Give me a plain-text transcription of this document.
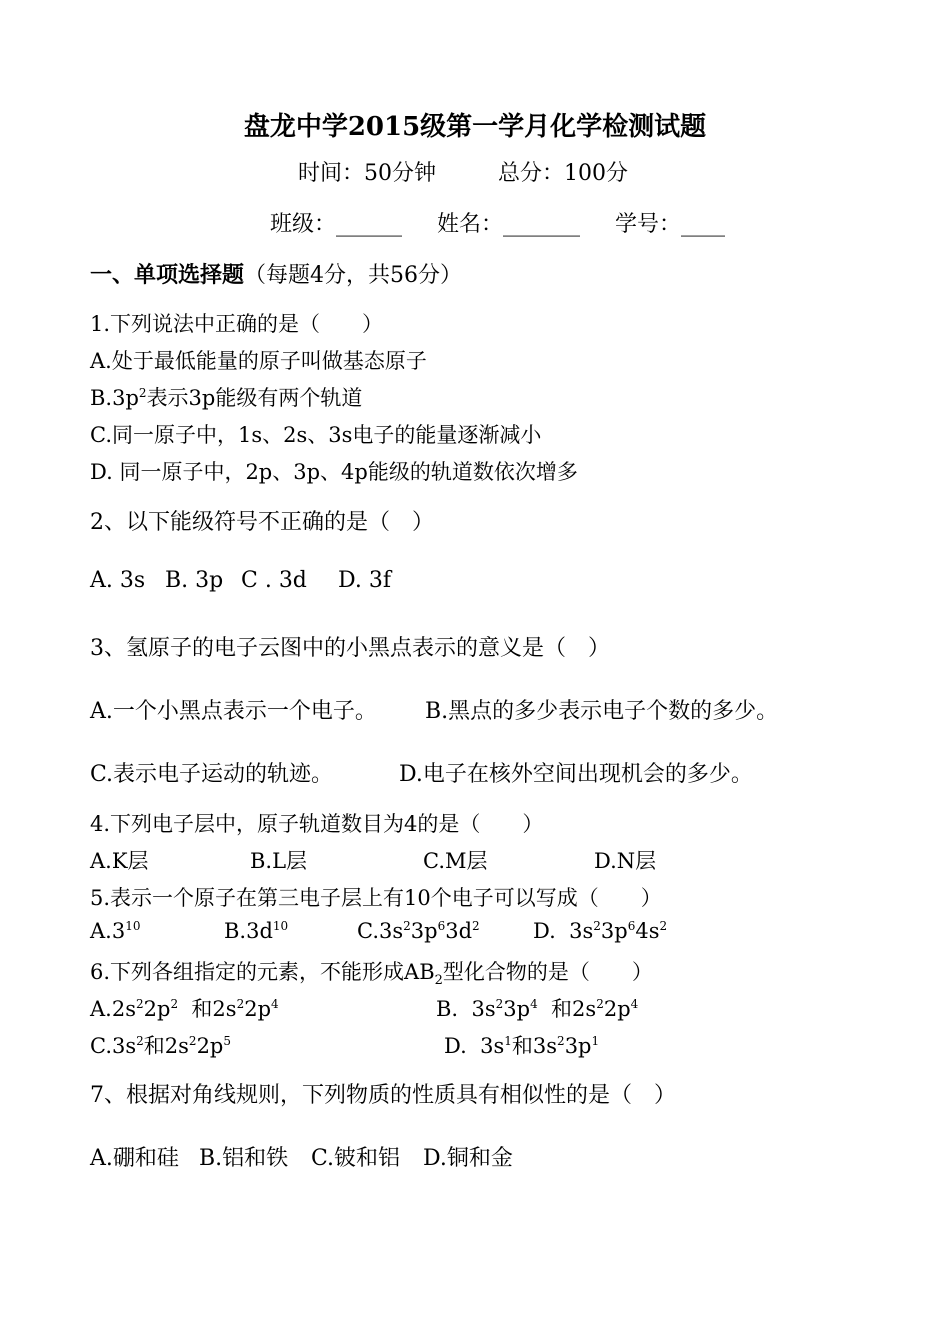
盘龙中学2015级第一学月化学检测试题
时间：50分钟	总分：100分
班级：______ 姓名：_______ 学号：____
一、单项选择题（每题4分，共56分）
1.下列说法中正确的是（　　）
A.处于最低能量的原子叫做基态原子
$B.3p^2$表示3p能级有两个轨道
C.同一原子中，1s、2s、3s电子的能量逐渐减小
D. 同一原子中，2p、3p、4p能级的轨道数依次增多
2、以下能级符号不正确的是（　）
A. 3s B. 3p C . 3d D. 3f
3、氢原子的电子云图中的小黑点表示的意义是（　）
A.一个小黑点表示一个电子。 B.黑点的多少表示电子个数的多少。
C.表示电子运动的轨迹。	D.电子在核外空间出现机会的多少。
4.下列电子层中，原子轨道数目为4的是（　　）
A.K层	B.L层	C.M层	D.N层
5.表示一个原子在第三电子层上有10个电子可以写成（　　）
$A.3^{10}$	$B.3d^{10}$	$C.3s^23p^63d^2$	D.  $3s^23p^64s^2$
6.下列各组指定的元素，不能形成$AB_2$型化合物的是（　　）
$A.2s^22p^2$  和$2s^22p^4$	B.  $3s^23p^4$  和$2s^22p^4$
$C.3s^2$和$2s^22p^5$	D.  $3s^1$和$3s^23p^1$
7、根据对角线规则，下列物质的性质具有相似性的是（　）
A.硼和硅 B.铝和铁 C.铍和铝 D.铜和金
